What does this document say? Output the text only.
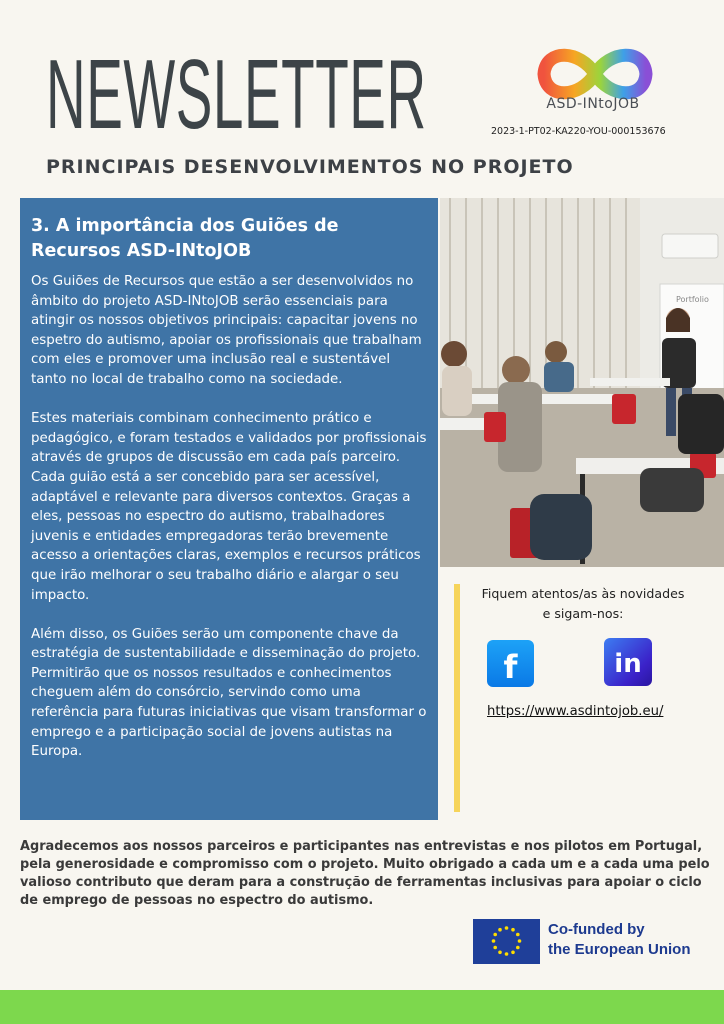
NEWSLETTER
PRINCIPAIS DESENVOLVIMENTOS NO PROJETO
ASD-INtoJOB
2023-1-PT02-KA220-YOU-000153676
3. A importância dos Guiões de
Recursos ASD-INtoJOB

Os Guiões de Recursos que estão a ser desenvolvidos no âmbito do projeto ASD-INtoJOB serão essenciais para atingir os nossos objetivos principais: capacitar jovens no espetro do autismo, apoiar os profissionais que trabalham com eles e promover uma inclusão real e sustentável tanto no local de trabalho como na sociedade.

Estes materiais combinam conhecimento prático e pedagógico, e foram testados e validados por profissionais através de grupos de discussão em cada país parceiro. Cada guião está a ser concebido para ser acessível, adaptável e relevante para diversos contextos. Graças a eles, pessoas no espectro do autismo, trabalhadores juvenis e entidades empregadoras terão brevemente acesso a orientações claras, exemplos e recursos práticos que irão melhorar o seu trabalho diário e alargar o seu impacto.

Além disso, os Guiões serão um componente chave da estratégia de sustentabilidade e disseminação do projeto. Permitirão que os nossos resultados e conhecimentos cheguem além do consórcio, servindo como uma referência para futuras iniciativas que visam transformar o emprego e a participação social de jovens autistas na Europa.

Portfolio
Fiquem atentos/as às novidades
e sigam-nos:
f	in
https://www.asdintojob.eu/
Agradecemos aos nossos parceiros e participantes nas entrevistas e nos pilotos em Portugal, pela generosidade e compromisso com o projeto. Muito obrigado a cada um e a cada uma pelo valioso contributo que deram para a construção de ferramentas inclusivas para apoiar o ciclo de emprego de pessoas no espectro do autismo.
Co-funded by
the European Union
